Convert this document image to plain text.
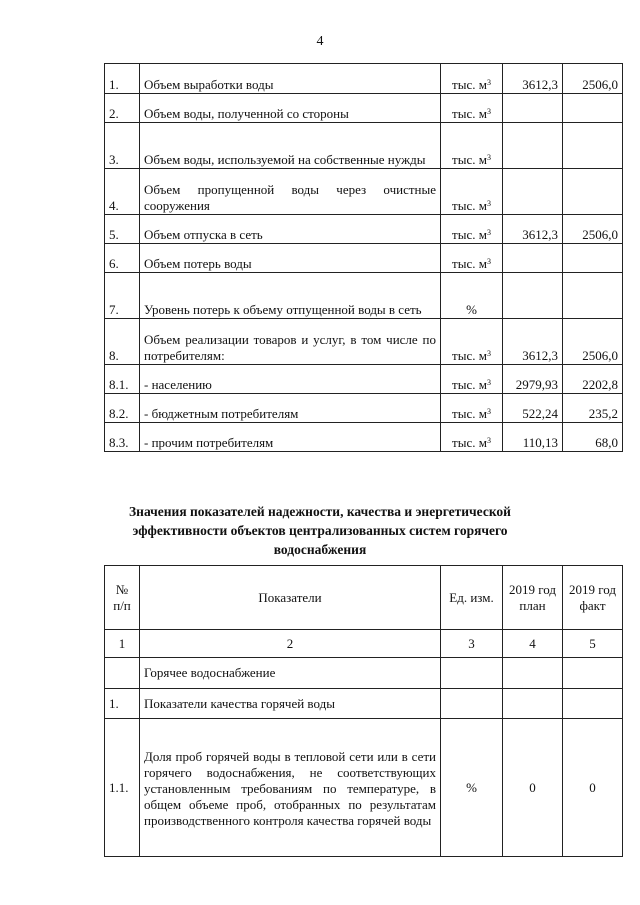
4
1.	Объем выработки воды	тыс. $м^3$	3612,3	2506,0
2.	Объем воды, полученной со стороны	тыс. $м^3$		
3.	Объем воды, используемой на собственные нужды	тыс. $м^3$		
4.	Объем пропущенной воды через очистные сооружения	тыс. $м^3$		
5.	Объем отпуска в сеть	тыс. $м^3$	3612,3	2506,0
6.	Объем потерь воды	тыс. $м^3$		
7.	Уровень потерь к объему отпущенной воды в сеть	%		
8.	Объем реализации товаров и услуг, в том числе по потребителям:	тыс. $м^3$	3612,3	2506,0
8.1.	- населению	тыс. $м^3$	2979,93	2202,8
8.2.	- бюджетным потребителям	тыс. $м^3$	522,24	235,2
8.3.	- прочим потребителям	тыс. $м^3$	110,13	68,0
Значения показателей надежности, качества и энергетической эффективности объектов централизованных систем горячего водоснабжения
№ п/п	Показатели	Ед. изм.	2019 год план	2019 год факт
1	2	3	4	5
	Горячее водоснабжение			
1.	Показатели качества горячей воды			
1.1.	Доля проб горячей воды в тепловой сети или в сети горячего водоснабжения, не соответствующих установленным требованиям по температуре, в общем объеме проб, отобранных по результатам производственного контроля качества горячей воды	%	0	0
